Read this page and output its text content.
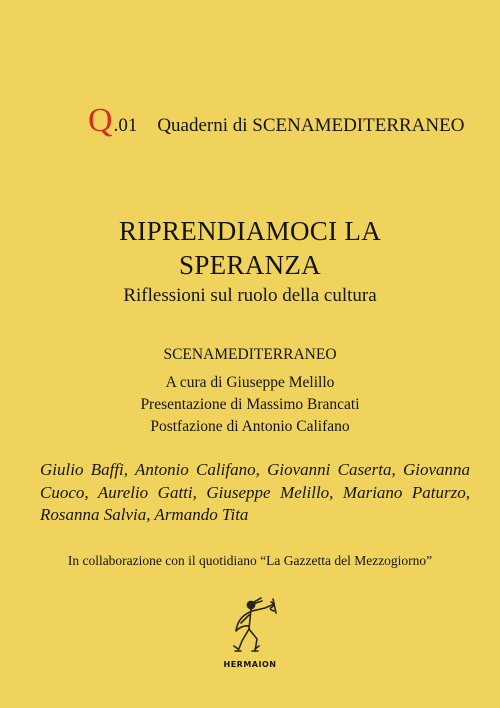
Q .01 Quaderni di SCENAMEDITERRANEO
RIPRENDIAMOCI LA
SPERANZA
Riflessioni sul ruolo della cultura
SCENAMEDITERRANEO
A cura di Giuseppe Melillo
Presentazione di Massimo Brancati
Postfazione di Antonio Califano
Giulio Baffi, Antonio Califano, Giovanni Caserta, Giovanna Cuoco, Aurelio Gatti, Giuseppe Melillo, Mariano Paturzo, Rosanna Salvia, Armando Tita
In collaborazione con il quotidiano “La Gazzetta del Mezzogiorno”
HERMAION
